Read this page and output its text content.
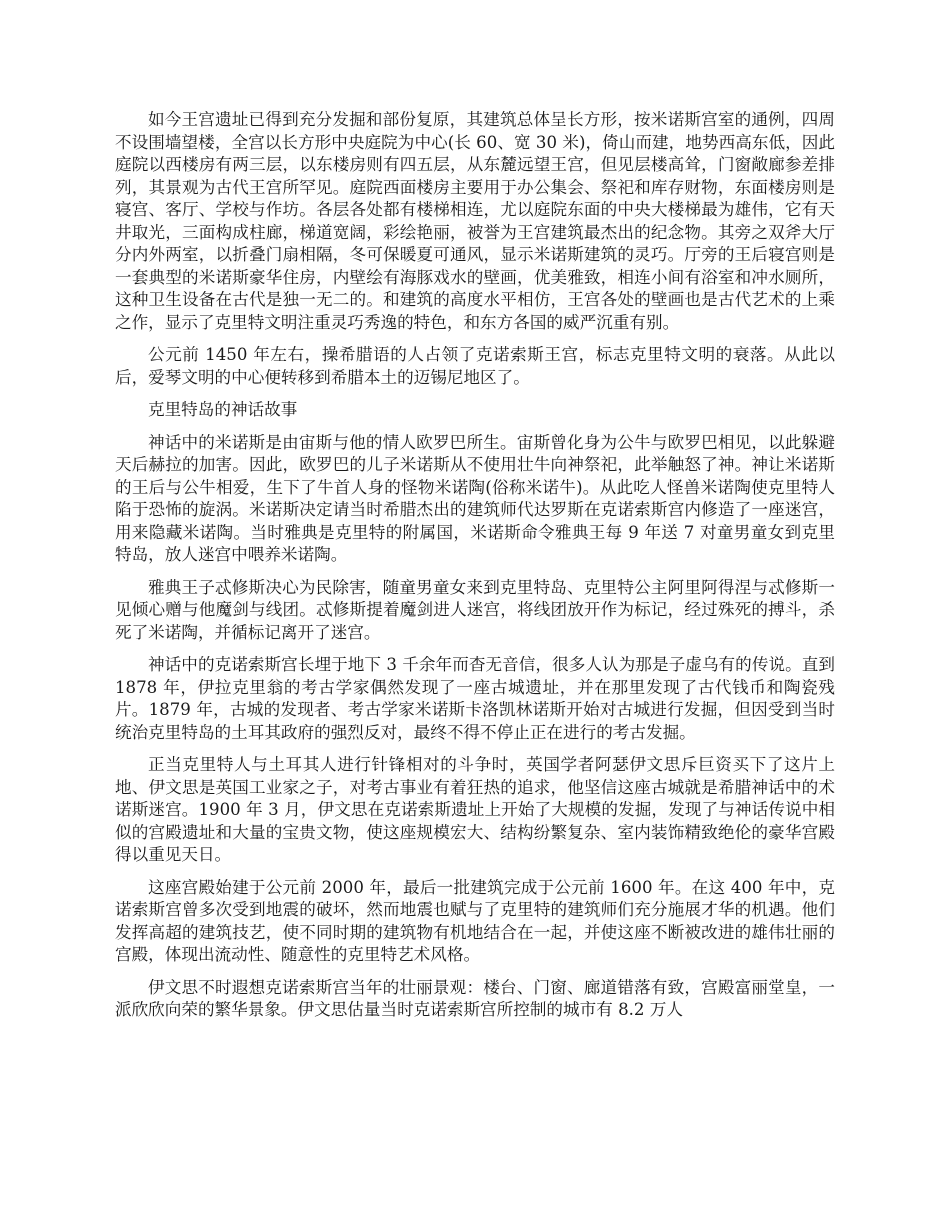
如今王宫遗址已得到充分发掘和部份复原，其建筑总体呈长方形，按米诺斯宫室的通例，四周不设围墙望楼，全宫以长方形中央庭院为中心(长 60、宽 30 米)，倚山而建，地势西高东低，因此庭院以西楼房有两三层，以东楼房则有四五层，从东麓远望王宫，但见层楼高耸，门窗敞廊参差排列，其景观为古代王宫所罕见。庭院西面楼房主要用于办公集会、祭祀和库存财物，东面楼房则是寝宫、客厅、学校与作坊。各层各处都有楼梯相连，尤以庭院东面的中央大楼梯最为雄伟，它有天井取光，三面构成柱廊，梯道宽阔，彩绘艳丽，被誉为王宫建筑最杰出的纪念物。其旁之双斧大厅分内外两室，以折叠门扇相隔，冬可保暖夏可通风，显示米诺斯建筑的灵巧。厅旁的王后寝宫则是一套典型的米诺斯豪华住房，内壁绘有海豚戏水的壁画，优美雅致，相连小间有浴室和冲水厕所，这种卫生设备在古代是独一无二的。和建筑的高度水平相仿，王宫各处的壁画也是古代艺术的上乘之作，显示了克里特文明注重灵巧秀逸的特色，和东方各国的威严沉重有别。

公元前 1450 年左右，操希腊语的人占领了克诺索斯王宫，标志克里特文明的衰落。从此以后，爱琴文明的中心便转移到希腊本土的迈锡尼地区了。

克里特岛的神话故事

神话中的米诺斯是由宙斯与他的情人欧罗巴所生。宙斯曾化身为公牛与欧罗巴相见，以此躲避天后赫拉的加害。因此，欧罗巴的儿子米诺斯从不使用壮牛向神祭祀，此举触怒了神。神让米诺斯的王后与公牛相爱，生下了牛首人身的怪物米诺陶(俗称米诺牛)。从此吃人怪兽米诺陶使克里特人陷于恐怖的旋涡。米诺斯决定请当时希腊杰出的建筑师代达罗斯在克诺索斯宫内修造了一座迷宫，用来隐藏米诺陶。当时雅典是克里特的附属国，米诺斯命令雅典王每 9 年送 7 对童男童女到克里特岛，放人迷宫中喂养米诺陶。

雅典王子忒修斯决心为民除害，随童男童女来到克里特岛、克里特公主阿里阿得涅与忒修斯一见倾心赠与他魔剑与线团。忒修斯提着魔剑进人迷宫，将线团放开作为标记，经过殊死的搏斗，杀死了米诺陶，并循标记离开了迷宫。

神话中的克诺索斯宫长埋于地下 3 千余年而杳无音信，很多人认为那是子虚乌有的传说。直到 1878 年，伊拉克里翁的考古学家偶然发现了一座古城遗址，并在那里发现了古代钱币和陶瓷残片。1879 年，古城的发现者、考古学家米诺斯卡洛凯林诺斯开始对古城进行发掘，但因受到当时统治克里特岛的土耳其政府的强烈反对，最终不得不停止正在进行的考古发掘。

正当克里特人与土耳其人进行针锋相对的斗争时，英国学者阿瑟伊文思斥巨资买下了这片上地、伊文思是英国工业家之子，对考古事业有着狂热的追求，他坚信这座古城就是希腊神话中的术诺斯迷宫。1900 年 3 月，伊文思在克诺索斯遗址上开始了大规模的发掘，发现了与神话传说中相似的宫殿遗址和大量的宝贵文物，使这座规模宏大、结构纷繁复杂、室内装饰精致绝伦的豪华宫殿得以重见天日。

这座宫殿始建于公元前 2000 年，最后一批建筑完成于公元前 1600 年。在这 400 年中，克诺索斯宫曾多次受到地震的破坏，然而地震也赋与了克里特的建筑师们充分施展才华的机遇。他们发挥高超的建筑技艺，使不同时期的建筑物有机地结合在一起，并使这座不断被改进的雄伟壮丽的宫殿，体现出流动性、随意性的克里特艺术风格。

伊文思不时遐想克诺索斯宫当年的壮丽景观：楼台、门窗、廊道错落有致，宫殿富丽堂皇，一派欣欣向荣的繁华景象。伊文思估量当时克诺索斯宫所控制的城市有 8.2 万人
